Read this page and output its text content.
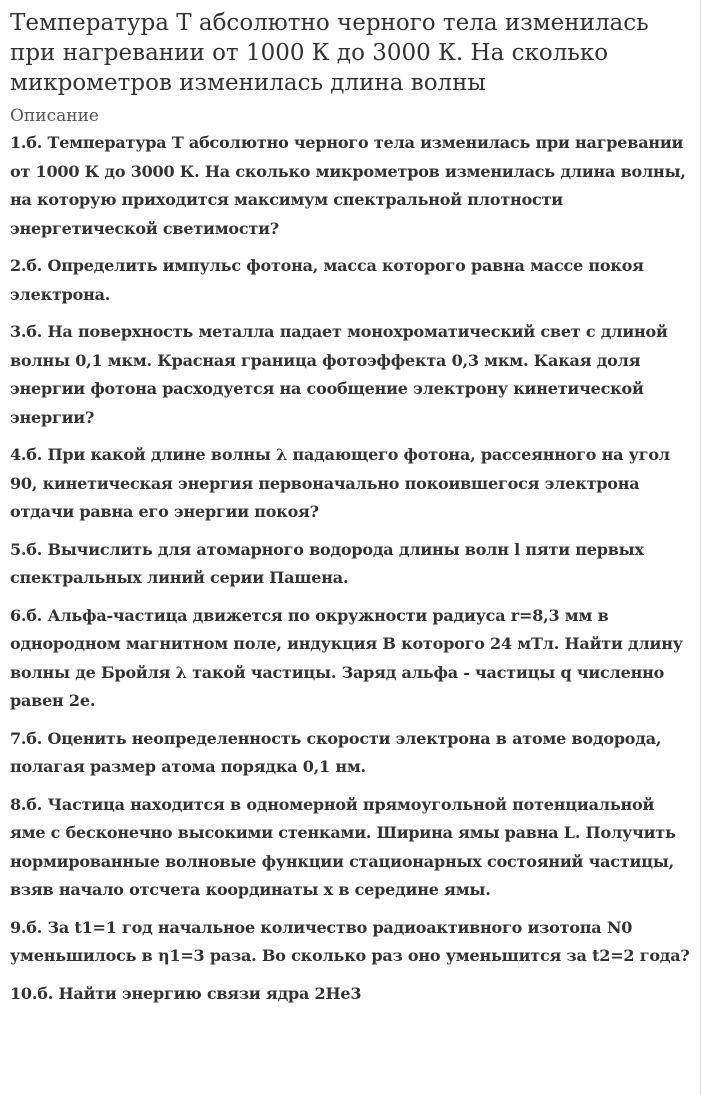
Температура Т абсолютно черного тела изменилась при нагревании от 1000 К до 3000 К. На сколько микрометров изменилась длина волны
Описание
1.б. Температура Т абсолютно черного тела изменилась при нагревании от 1000 К до 3000 К. На сколько микрометров изменилась длина волны, на которую приходится максимум спектральной плотности энергетической светимости?
2.б. Определить импульс фотона, масса которого равна массе покоя электрона.
3.б. На поверхность металла падает монохроматический свет с длиной волны 0,1 мкм. Красная граница фотоэффекта 0,3 мкм. Какая доля энергии фотона расходуется на сообщение электрону кинетической энергии?
4.б. При какой длине волны λ падающего фотона, рассеянного на угол 90, кинетическая энергия первоначально покоившегося электрона отдачи равна его энергии покоя?
5.б. Вычислить для атомарного водорода длины волн l пяти первых спектральных линий серии Пашена.
6.б. Альфа-частица движется по окружности радиуса r=8,3 мм в однородном магнитном поле, индукция В которого 24 мТл. Найти длину волны де Бройля λ такой частицы. Заряд альфа - частицы q численно равен 2е.
7.б. Оценить неопределенность скорости электрона в атоме водорода, полагая размер атома порядка 0,1 нм.
8.б. Частица находится в одномерной прямоугольной потенциальной яме с бесконечно высокими стенками. Ширина ямы равна L. Получить нормированные волновые функции стационарных состояний частицы, взяв начало отсчета координаты x в середине ямы.
9.б. За t1=1 год начальное количество радиоактивного изотопа N0 уменьшилось в η1=3 раза. Во сколько раз оно уменьшится за t2=2 года?
10.б. Найти энергию связи ядра 2He3
